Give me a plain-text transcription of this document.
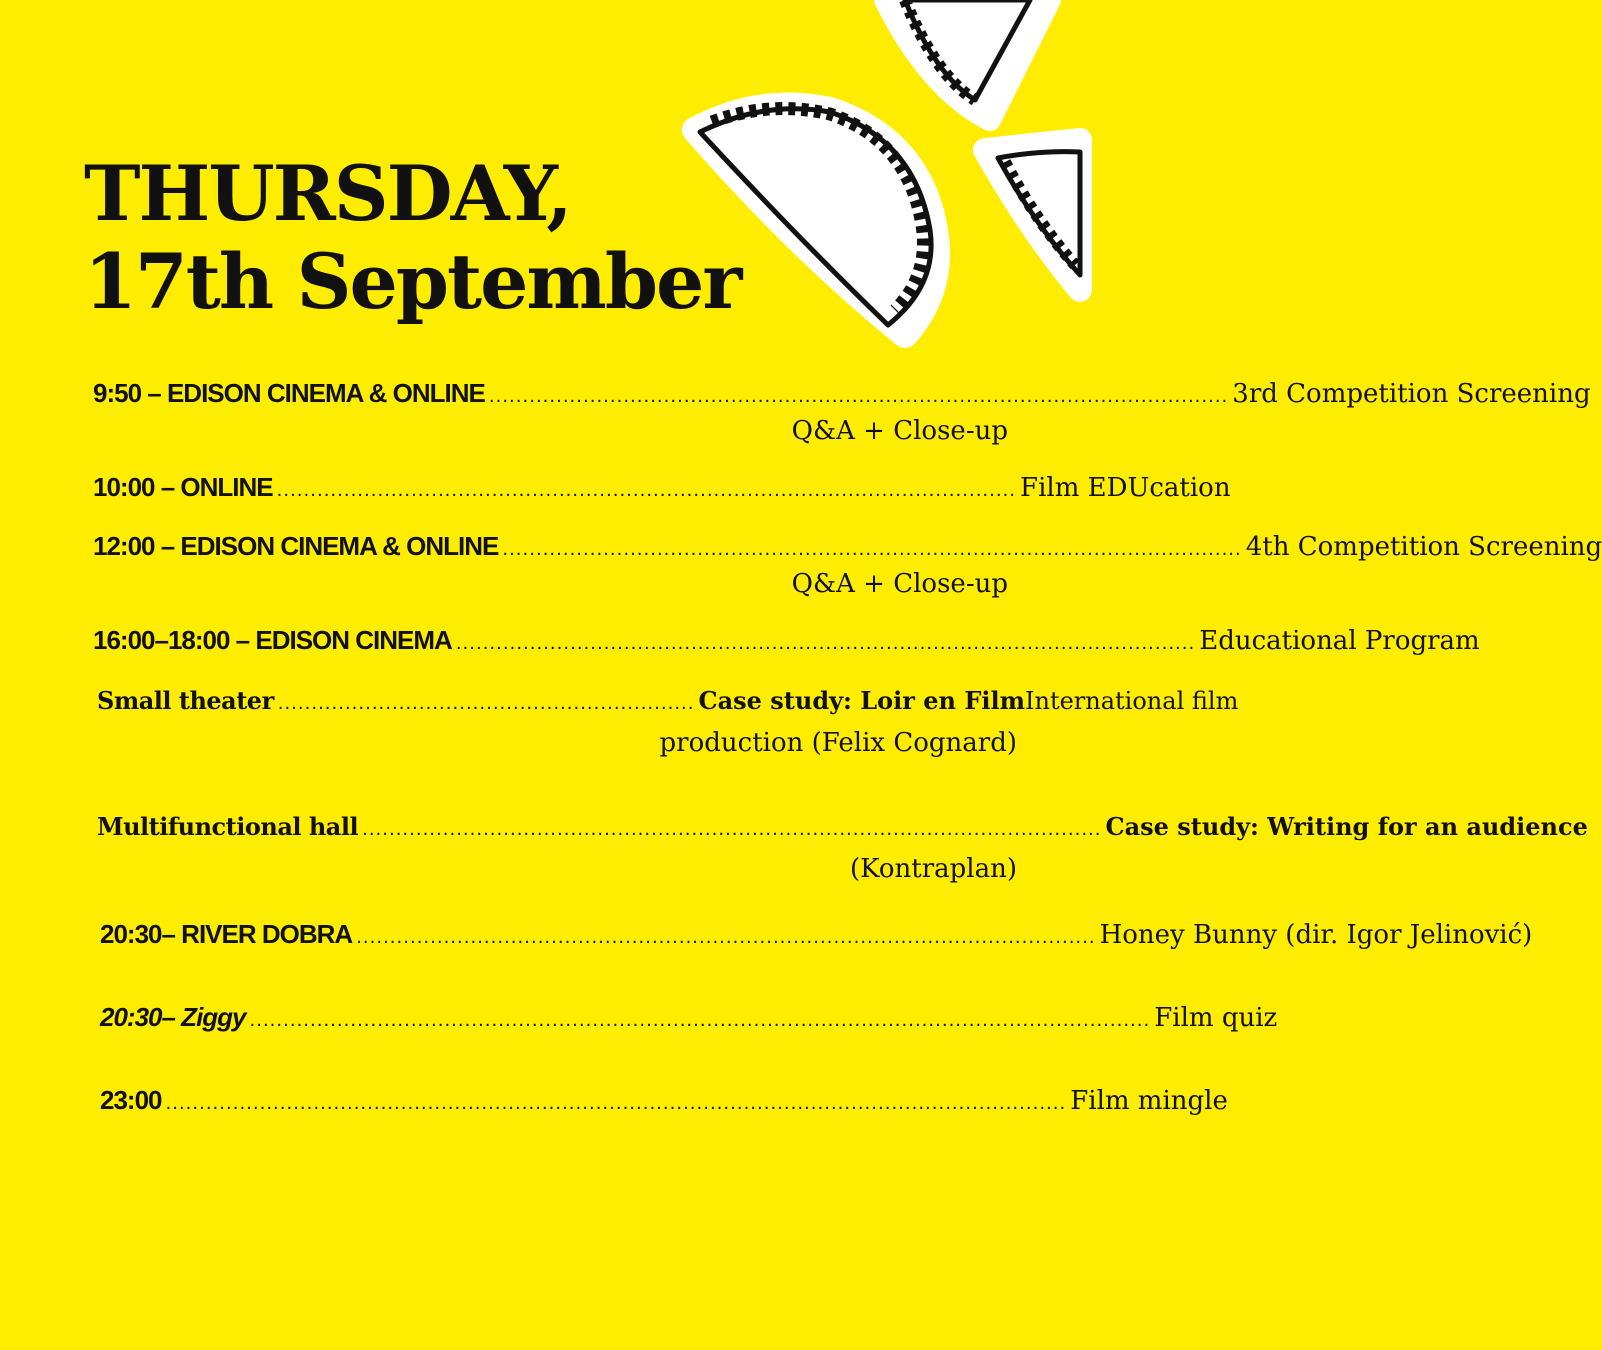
THURSDAY,
17th September
9:50 – EDISON CINEMA & ONLINE .............................................................................................................. 3rd Competition Screening
Q&A + Close-up
10:00 – ONLINE .............................................................................................................. Film EDUcation
12:00 – EDISON CINEMA & ONLINE .............................................................................................................. 4th Competition Screening
Q&A + Close-up
16:00–18:00 – EDISON CINEMA .............................................................................................................. Educational Program
Small theater .............................................................. Case study: Loir en Film International film
production (Felix Cognard)
Multifunctional hall .............................................................................................................. Case study: Writing for an audience
(Kontraplan)
20:30– RIVER DOBRA .............................................................................................................. Honey Bunny (dir. Igor Jelinović)
20:30– Ziggy ...................................................................................................................................... Film quiz
23:00 ...................................................................................................................................... Film mingle
